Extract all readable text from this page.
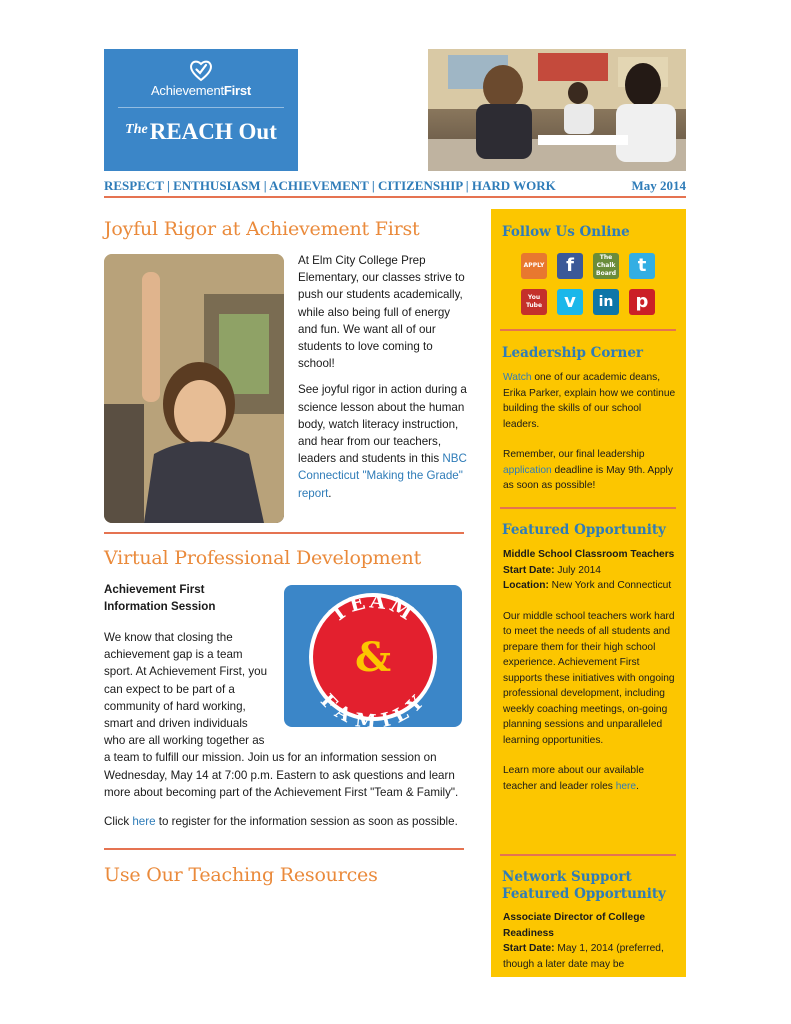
AchievementFirst
$^{The}$REACH Out
RESPECT | ENTHUSIASM | ACHIEVEMENT | CITIZENSHIP | HARD WORK	May 2014
Joyful Rigor at Achievement First

At Elm City College Prep Elementary, our classes strive to push our students academically, while also being full of energy and fun. We want all of our students to love coming to school!

See joyful rigor in action during a science lesson about the human body, watch literacy instruction, and hear from our teachers, leaders and students in this NBC Connecticut "Making the Grade" report.

Virtual Professional Development
TEAM
&
FAMILY
Achievement First
Information Session

We know that closing the achievement gap is a team sport. At Achievement First, you can expect to be part of a community of hard working, smart and driven individuals who are all working together as a team to fulfill our mission. Join us for an information session on Wednesday, May 14 at 7:00 p.m. Eastern to ask questions and learn more about becoming part of the Achievement First "Team & Family".

Click here to register for the information session as soon as possible.

Use Our Teaching Resources
Follow Us Online
APPLY	f	The Chalk Board	t
You Tube	v	in	p
Leadership Corner

Watch one of our academic deans, Erika Parker, explain how we continue building the skills of our school leaders.

Remember, our final leadership application deadline is May 9th. Apply as soon as possible!

Featured Opportunity

Middle School Classroom Teachers

Start Date: July 2014

Location: New York and Connecticut

Our middle school teachers work hard to meet the needs of all students and prepare them for their high school experience. Achievement First supports these initiatives with ongoing professional development, including weekly coaching meetings, on-going planning sessions and unparalleled learning opportunities.

Learn more about our available teacher and leader roles here.

Network Support
Featured Opportunity

Associate Director of College Readiness

Start Date: May 1, 2014 (preferred, though a later date may be
